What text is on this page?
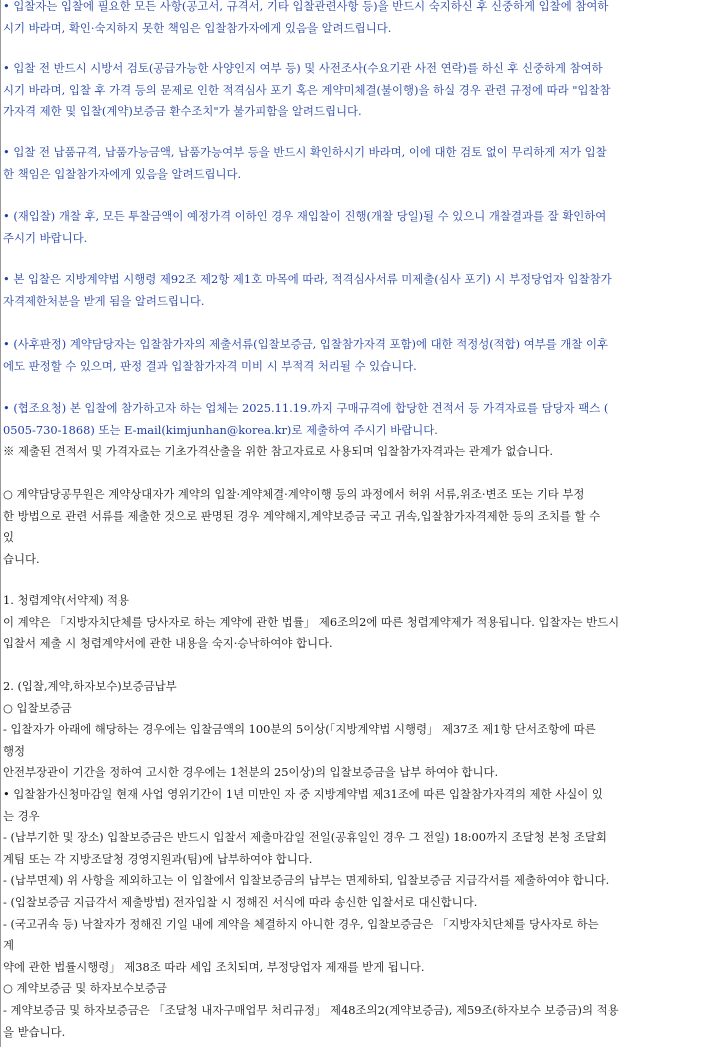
• 입찰자는 입찰에 필요한 모든 사항(공고서, 규격서, 기타 입찰관련사항 등)을 반드시 숙지하신 후 신중하게 입찰에 참여하
시기 바라며, 확인·숙지하지 못한 책임은 입찰참가자에게 있음을 알려드립니다.

• 입찰 전 반드시 시방서 검토(공급가능한 사양인지 여부 등) 및 사전조사(수요기관 사전 연락)를 하신 후 신중하게 참여하
시기 바라며, 입찰 후 가격 등의 문제로 인한 적격심사 포기 혹은 계약미체결(불이행)을 하실 경우 관련 규정에 따라 "입찰참
가자격 제한 및 입찰(계약)보증금 환수조치"가 불가피함을 알려드립니다.

• 입찰 전 납품규격, 납품가능금액, 납품가능여부 등을 반드시 확인하시기 바라며, 이에 대한 검토 없이 무리하게 저가 입찰
한 책임은 입찰참가자에게 있음을 알려드립니다.

• (재입찰) 개찰 후, 모든 투찰금액이 예정가격 이하인 경우 재입찰이 진행(개찰 당일)될 수 있으니 개찰결과를 잘 확인하여
주시기 바랍니다.

• 본 입찰은 지방계약법 시행령 제92조 제2항 제1호 마목에 따라, 적격심사서류 미제출(심사 포기) 시 부정당업자 입찰참가
자격제한처분을 받게 됨을 알려드립니다.

• (사후판정) 계약담당자는 입찰참가자의 제출서류(입찰보증금, 입찰참가자격 포함)에 대한 적정성(적합) 여부를 개찰 이후
에도 판정할 수 있으며, 판정 결과 입찰참가자격 미비 시 부적격 처리될 수 있습니다.

• (협조요청) 본 입찰에 참가하고자 하는 업체는 2025.11.19.까지 구매규격에 합당한 견적서 등 가격자료를 담당자 팩스 (
0505-730-1868) 또는 E-mail(kimjunhan@korea.kr)로 제출하여 주시기 바랍니다.

※ 제출된 견적서 및 가격자료는 기초가격산출을 위한 참고자료로 사용되며 입찰참가자격과는 관계가 없습니다.

○ 계약담당공무원은 계약상대자가 계약의 입찰·계약체결·계약이행 등의 과정에서 허위 서류,위조·변조 또는 기타 부정
한 방법으로 관련 서류를 제출한 것으로 판명된 경우 계약해지,계약보증금 국고 귀속,입찰참가자격제한 등의 조치를 할 수
있
습니다.

1. 청렴계약(서약제) 적용
이 계약은 「지방자치단체를 당사자로 하는 계약에 관한 법률」 제6조의2에 따른 청렴계약제가 적용됩니다. 입찰자는 반드시
입찰서 제출 시 청렴계약서에 관한 내용을 숙지·승낙하여야 합니다.

2. (입찰,계약,하자보수)보증금납부
○ 입찰보증금
- 입찰자가 아래에 해당하는 경우에는 입찰금액의 100분의 5이상(「지방계약법 시행령」 제37조 제1항 단서조항에 따른
행정
안전부장관이 기간을 정하여 고시한 경우에는 1천분의 25이상)의 입찰보증금을 납부 하여야 합니다.
• 입찰참가신청마감일 현재 사업 영위기간이 1년 미만인 자 중 지방계약법 제31조에 따른 입찰참가자격의 제한 사실이 있
는 경우
- (납부기한 및 장소) 입찰보증금은 반드시 입찰서 제출마감일 전일(공휴일인 경우 그 전일) 18:00까지 조달청 본청 조달회
계팀 또는 각 지방조달청 경영지원과(팀)에 납부하여야 합니다.
- (납부면제) 위 사항을 제외하고는 이 입찰에서 입찰보증금의 납부는 면제하되, 입찰보증금 지급각서를 제출하여야 합니다.
- (입찰보증금 지급각서 제출방법) 전자입찰 시 정해진 서식에 따라 송신한 입찰서로 대신합니다.
- (국고귀속 등) 낙찰자가 정해진 기일 내에 계약을 체결하지 아니한 경우, 입찰보증금은 「지방자치단체를 당사자로 하는
계
약에 관한 법률시행령」 제38조 따라 세입 조치되며, 부정당업자 제재를 받게 됩니다.
○ 계약보증금 및 하자보수보증금
- 계약보증금 및 하자보증금은 「조달청 내자구매업무 처리규정」 제48조의2(계약보증금), 제59조(하자보수 보증금)의 적용
을 받습니다.
